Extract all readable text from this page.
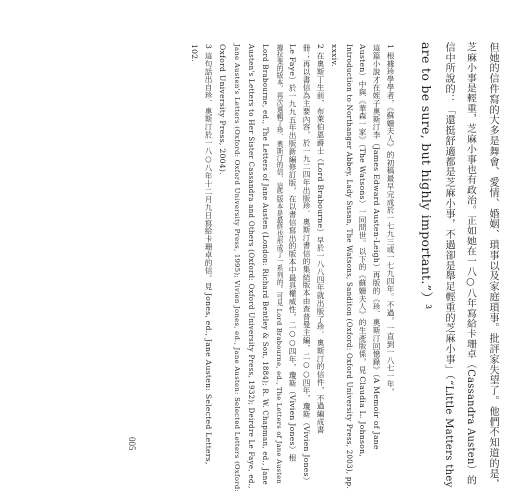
但她的信件寫的大多是舞會、愛情、婚姻、瑣事以及家庭瑣事。批評家失望了。他們不知道的是，
芝麻小事是輕重，芝麻小事也有政治。正如她在一八○八年寫給卡珊卓（Cassandra Austen）的
信中所說的：「還挺舒適都是芝麻小事，不過卻是舉足輕重的芝麻小事」（“Little Matters they
are to be sure, but highly important.”）³
1 根據珍學學者，《蘇姍夫人》的初稿最早完成於一七九三或一七九四年。不過，一直到一八七一年，
這篇小說才在姪子奧斯汀李（James Edward Austen-Leigh）再版的《珍．奧斯汀回憶錄》（A Memoir of Jane
Austen）中與《華森一家》（The Watsons）一同問世。以下的《蘇姍夫人》的生產版係，見 Claudia L. Johnson,
Introduction to Northanger Abbey, Lady Susan, The Watsons, Sanditon (Oxford: Oxford University Press, 2003), pp.
xxxiv.
2 在奧斯丁生前，布萊伯恩爵士（Lord Brabourne）早於一八八四年就出版了珍．奧斯汀的信件，不過編成書
冊；再以書信為主要內容，於一九二四年出版珍．奧斯汀書信的集結版本由查普曼主編，二○○四年，瓊斯（Vivien Jones）
Le Faye）於一九九五年出版新編修訂版，在以書信寫出的版本中最具權威性，二○○四年，瓊斯（Vivien Jones）根
據拉斐的版本，再次選輯了珍．奧斯汀的信，這些版本是最終也形成了一系列的。可見 Lord Brabourne, ed., The Letters of Jane Austen
Lord Brabourne, ed., The Letters of Jane Austen (London: Richard Bentley & Son, 1884); R. W. Chapman, ed., Jane
Austen's Letters to Her Sister Cassandra and Others (Oxford: Oxford University Press, 1932); Deirdre Le Faye, ed.,
Jane Austen's Letters (Oxford: Oxford University Press, 1995); Vivien Jones, ed., Jane Austen: Selected Letters (Oxford:
Oxford University Press, 2004).
3 這句話出自珍．奧斯汀於一八○八年十二月九日寫給卡珊卓的信。見 Jones, ed., Jane Austen: Selected Letters,
102.
005
